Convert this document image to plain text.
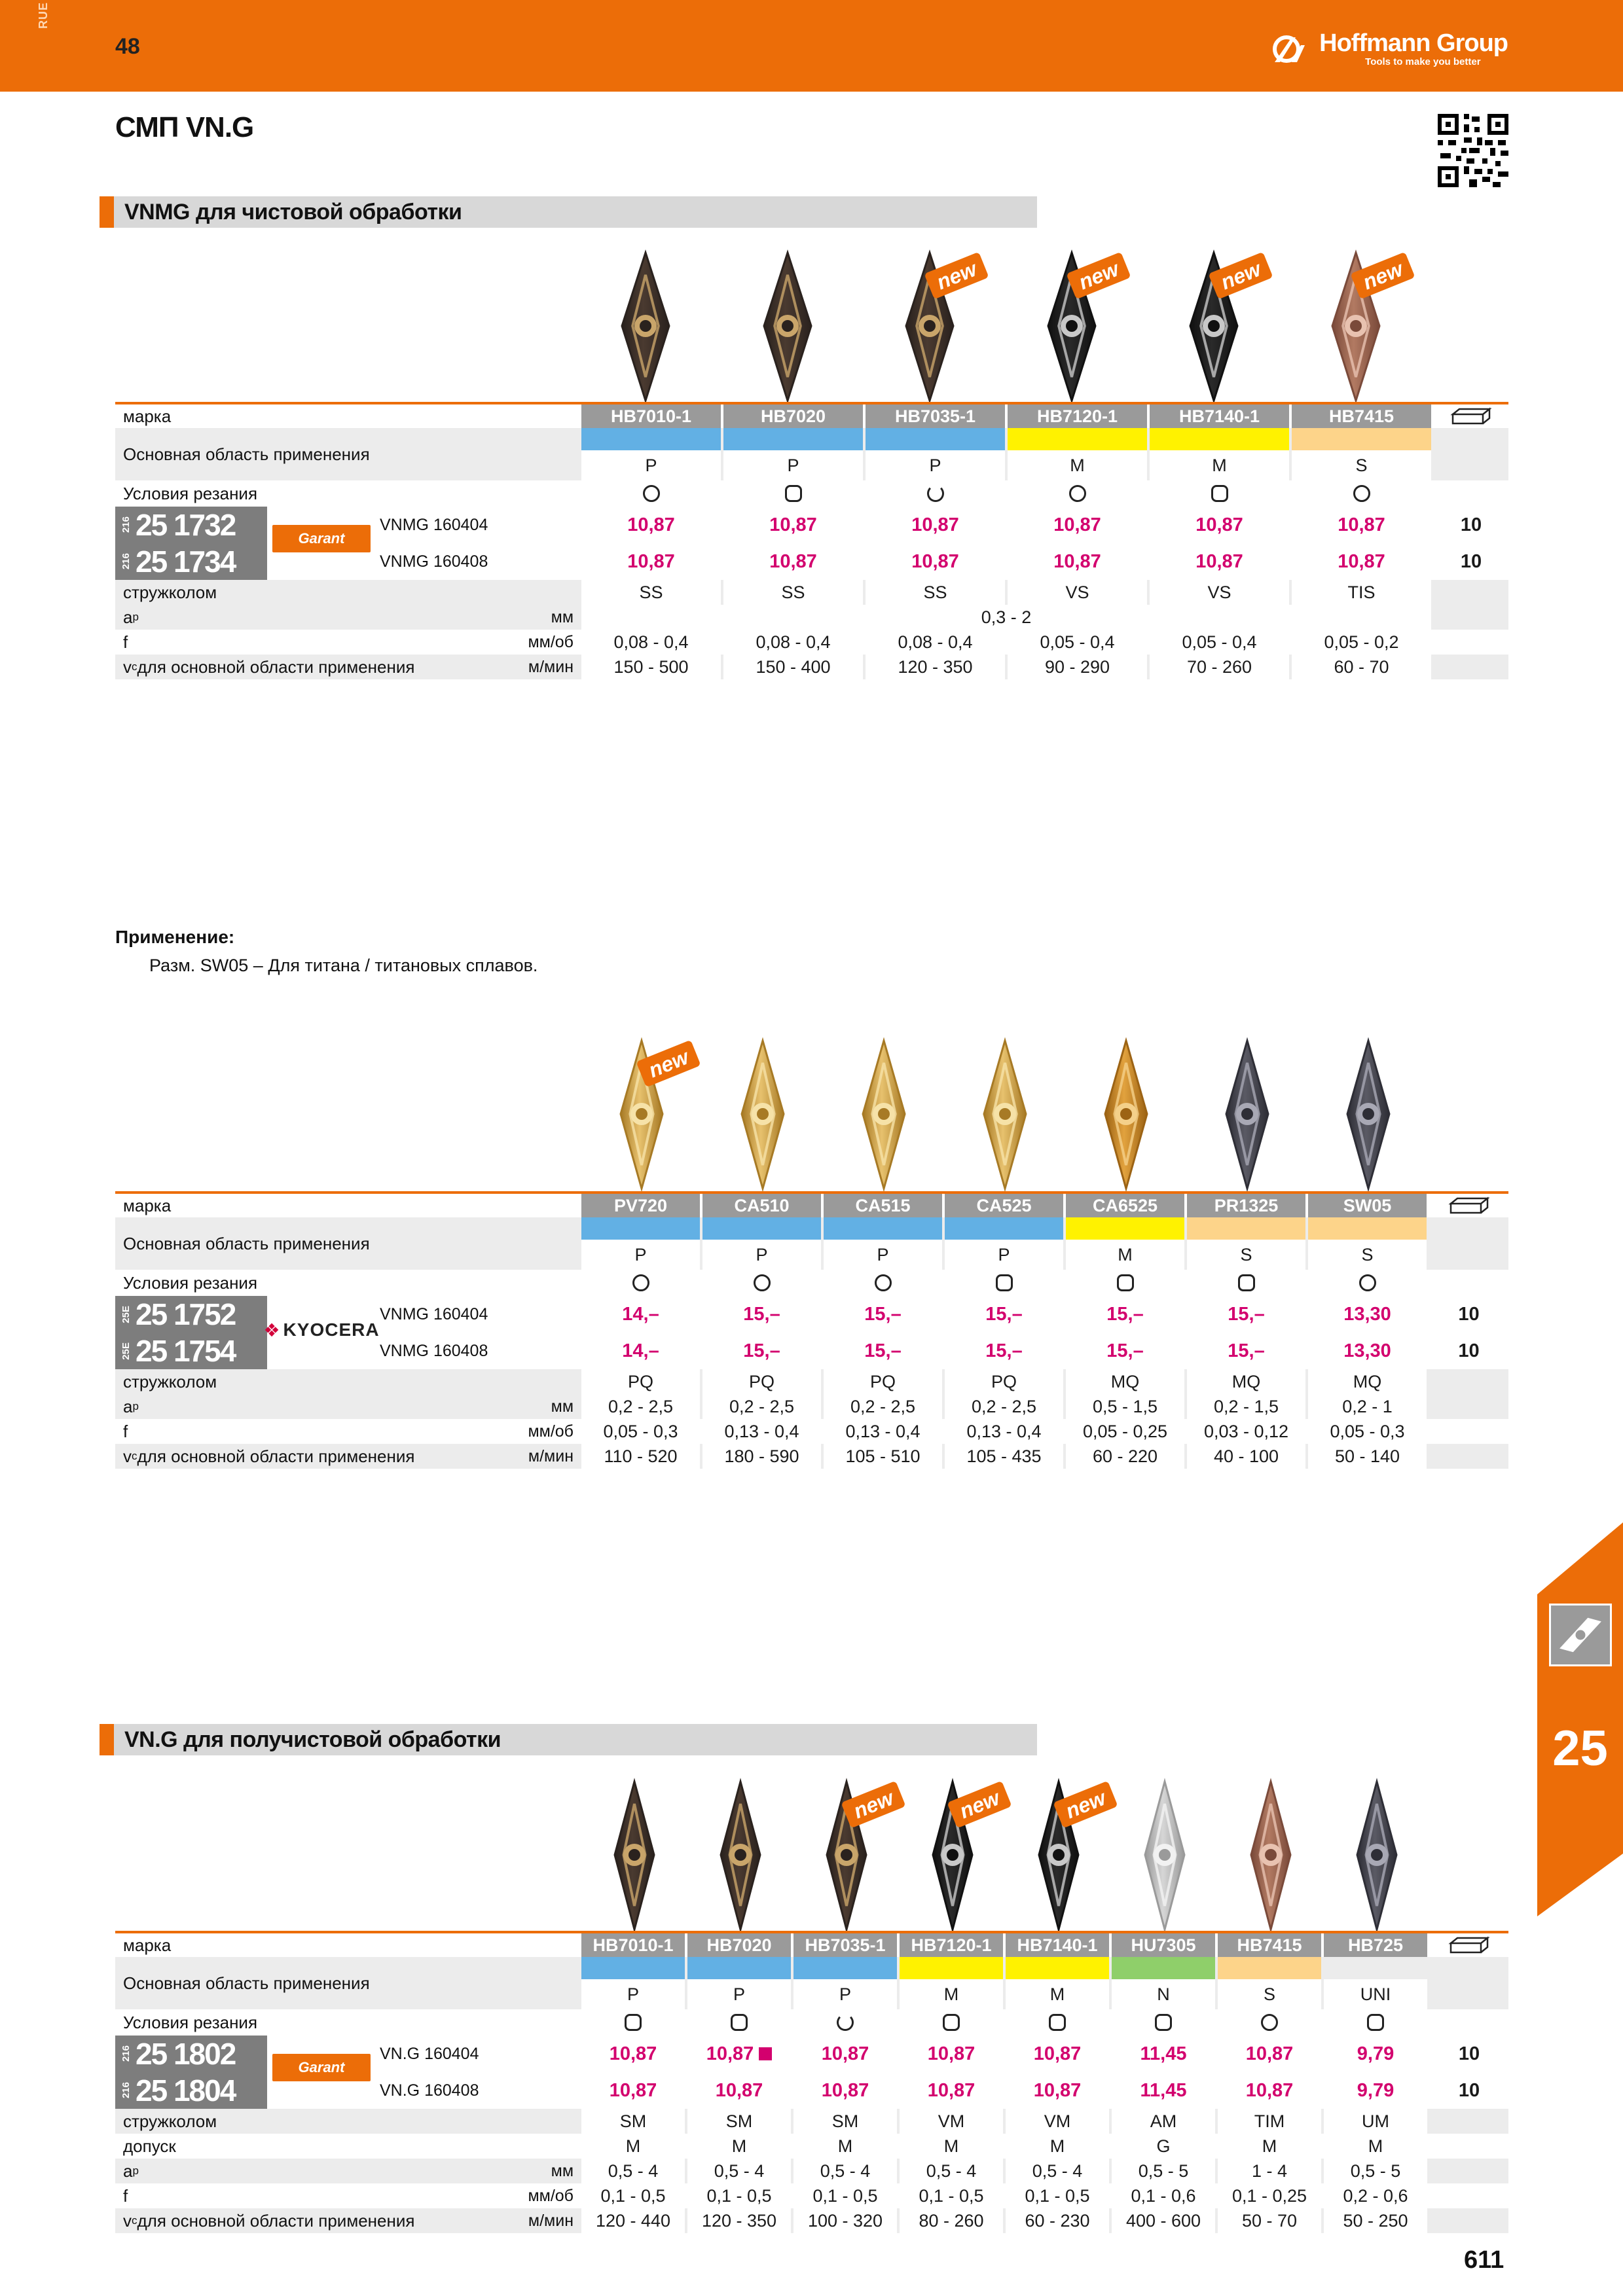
RUE
48	Hoffmann Group
Tools to make you better
СМП VN.G
VNMG для чистовой обработки
new	new	new	new
марка	HB7010-1	HB7020	HB7035-1	HB7120-1	HB7140-1	HB7415
Основная область применения
P	P	P	M	M	S
Условия резания
216 25 1732	VNMG 160404	10,87	10,87	10,87	10,87	10,87	10,87	10
216 25 1734	VNMG 160408	10,87	10,87	10,87	10,87	10,87	10,87	10
Garant
стружколом	SS	SS	SS	VS	VS	TIS
a p	мм	0,3 - 2
f	мм/об	0,08 - 0,4	0,08 - 0,4	0,08 - 0,4	0,05 - 0,4	0,05 - 0,4	0,05 - 0,2
v c для основной области применения	м/мин	150 - 500	150 - 400	120 - 350	90 - 290	70 - 260	60 - 70
Применение:
Разм. SW05 – Для титана / титановых сплавов.
new
марка	PV720	CA510	CA515	CA525	CA6525	PR1325	SW05
Основная область применения
P	P	P	P	M	S	S
Условия резания
25E 25 1752	VNMG 160404	14,–	15,–	15,–	15,–	15,–	15,–	13,30	10
25E 25 1754	VNMG 160408	14,–	15,–	15,–	15,–	15,–	15,–	13,30	10
❖ KYOCERA
стружколом	PQ	PQ	PQ	PQ	MQ	MQ	MQ
a p	мм	0,2 - 2,5	0,2 - 2,5	0,2 - 2,5	0,2 - 2,5	0,5 - 1,5	0,2 - 1,5	0,2 - 1
f	мм/об	0,05 - 0,3	0,13 - 0,4	0,13 - 0,4	0,13 - 0,4	0,05 - 0,25	0,03 - 0,12	0,05 - 0,3
v c для основной области применения	м/мин	110 - 520	180 - 590	105 - 510	105 - 435	60 - 220	40 - 100	50 - 140
VN.G для получистовой обработки
new	new	new
марка	HB7010-1	HB7020	HB7035-1	HB7120-1	HB7140-1	HU7305	HB7415	HB725
Основная область применения
P	P	P	M	M	N	S	UNI
Условия резания
216 25 1802	VN.G 160404	10,87	10,87	10,87	10,87	10,87	11,45	10,87	9,79	10
216 25 1804	VN.G 160408	10,87	10,87	10,87	10,87	10,87	11,45	10,87	9,79	10
Garant
стружколом	SM	SM	SM	VM	VM	AM	TIM	UM
допуск	M	M	M	M	M	G	M	M
a p	мм	0,5 - 4	0,5 - 4	0,5 - 4	0,5 - 4	0,5 - 4	0,5 - 5	1 - 4	0,5 - 5
f	мм/об	0,1 - 0,5	0,1 - 0,5	0,1 - 0,5	0,1 - 0,5	0,1 - 0,5	0,1 - 0,6	0,1 - 0,25	0,2 - 0,6
v c для основной области применения	м/мин	120 - 440	120 - 350	100 - 320	80 - 260	60 - 230	400 - 600	50 - 70	50 - 250
25
611
